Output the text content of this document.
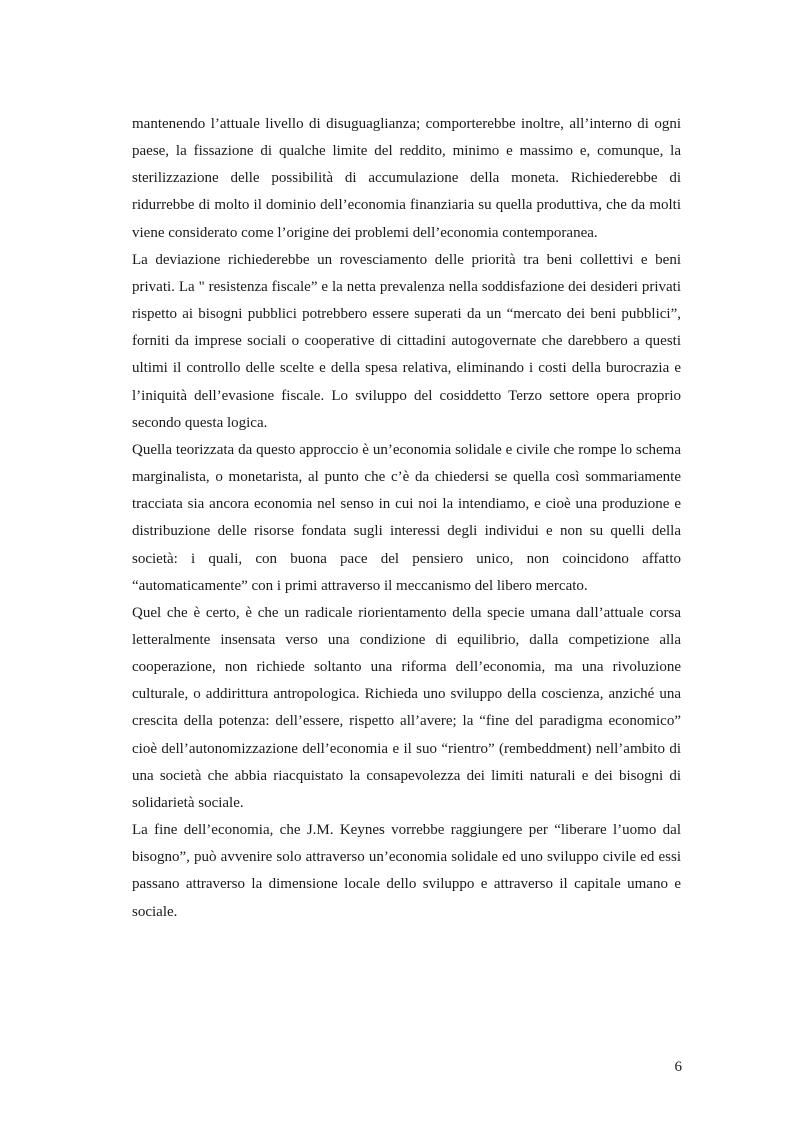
mantenendo l’attuale livello di disuguaglianza; comporterebbe inoltre, all’interno di ogni paese, la fissazione di qualche limite del reddito, minimo e massimo e, comunque, la sterilizzazione delle possibilità di accumulazione della moneta. Richiederebbe di ridurrebbe di molto il dominio dell’economia finanziaria su quella produttiva, che da molti viene considerato come l’origine dei problemi dell’economia contemporanea.

La deviazione richiederebbe un rovesciamento delle priorità tra beni collettivi e beni privati. La " resistenza fiscale” e la netta prevalenza nella soddisfazione dei desideri privati rispetto ai bisogni pubblici potrebbero essere superati da un “mercato dei beni pubblici”, forniti da imprese sociali o cooperative di cittadini autogovernate che darebbero a questi ultimi il controllo delle scelte e della spesa relativa, eliminando i costi della burocrazia e l’iniquità dell’evasione fiscale. Lo sviluppo del cosiddetto Terzo settore opera proprio secondo questa logica.

Quella teorizzata da questo approccio è un’economia solidale e civile che rompe lo schema marginalista, o monetarista, al punto che c’è da chiedersi se quella così sommariamente tracciata sia ancora economia nel senso in cui noi la intendiamo, e cioè una produzione e distribuzione delle risorse fondata sugli interessi degli individui e non su quelli della società: i quali, con buona pace del pensiero unico, non coincidono affatto “automaticamente” con i primi attraverso il meccanismo del libero mercato.

Quel che è certo, è che un radicale riorientamento della specie umana dall’attuale corsa letteralmente insensata verso una condizione di equilibrio, dalla competizione alla cooperazione, non richiede soltanto una riforma dell’economia, ma una rivoluzione culturale, o addirittura antropologica. Richieda uno sviluppo della coscienza, anziché una crescita della potenza: dell’essere, rispetto all’avere; la “fine del paradigma economico” cioè dell’autonomizzazione dell’economia e il suo “rientro” (rembeddment) nell’ambito di una società che abbia riacquistato la consapevolezza dei limiti naturali e dei bisogni di solidarietà sociale.

La fine dell’economia, che J.M. Keynes vorrebbe raggiungere per “liberare l’uomo dal bisogno”, può avvenire solo attraverso un’economia solidale ed uno sviluppo civile ed essi passano attraverso la dimensione locale dello sviluppo e attraverso il capitale umano e sociale.

6
